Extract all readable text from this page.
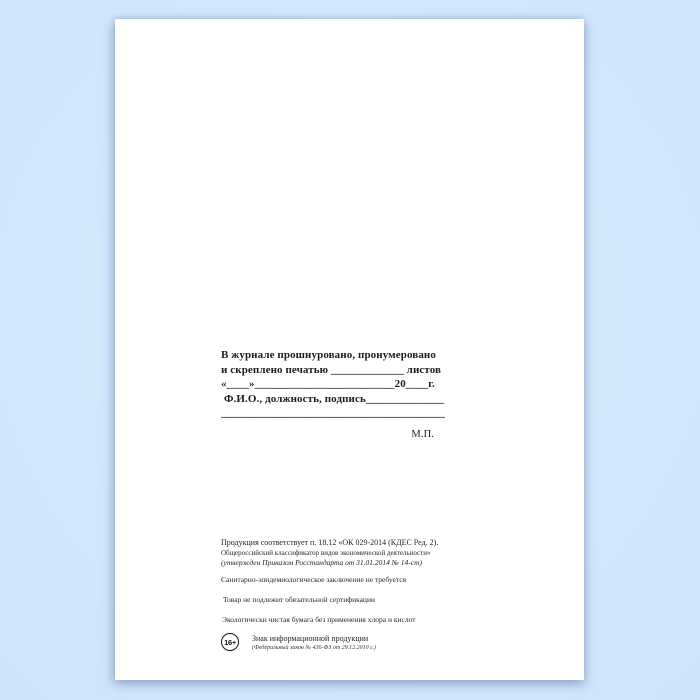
В журнале прошнуровано, пронумеровано
и скреплено печатью _____________ листов
«____»_________________________20____г.
Ф.И.О., должность, подпись______________
________________________________________
М.П.
Продукция соответствует п. 18.12 «ОК 029-2014 (КДЕС Ред. 2).
Общероссийский классификатор видов экономической деятельности»
(утвержден Приказом Росстандарта от 31.01.2014 № 14-ст)
Санитарно-эпидемиологическое заключение не требуется
Товар не подлежит обязательной сертификации
Экологически чистая бумага без применения хлора и кислот
16+	Знак информационной продукции
(Федеральный закон № 436-ФЗ от 29.12.2010 г.)
